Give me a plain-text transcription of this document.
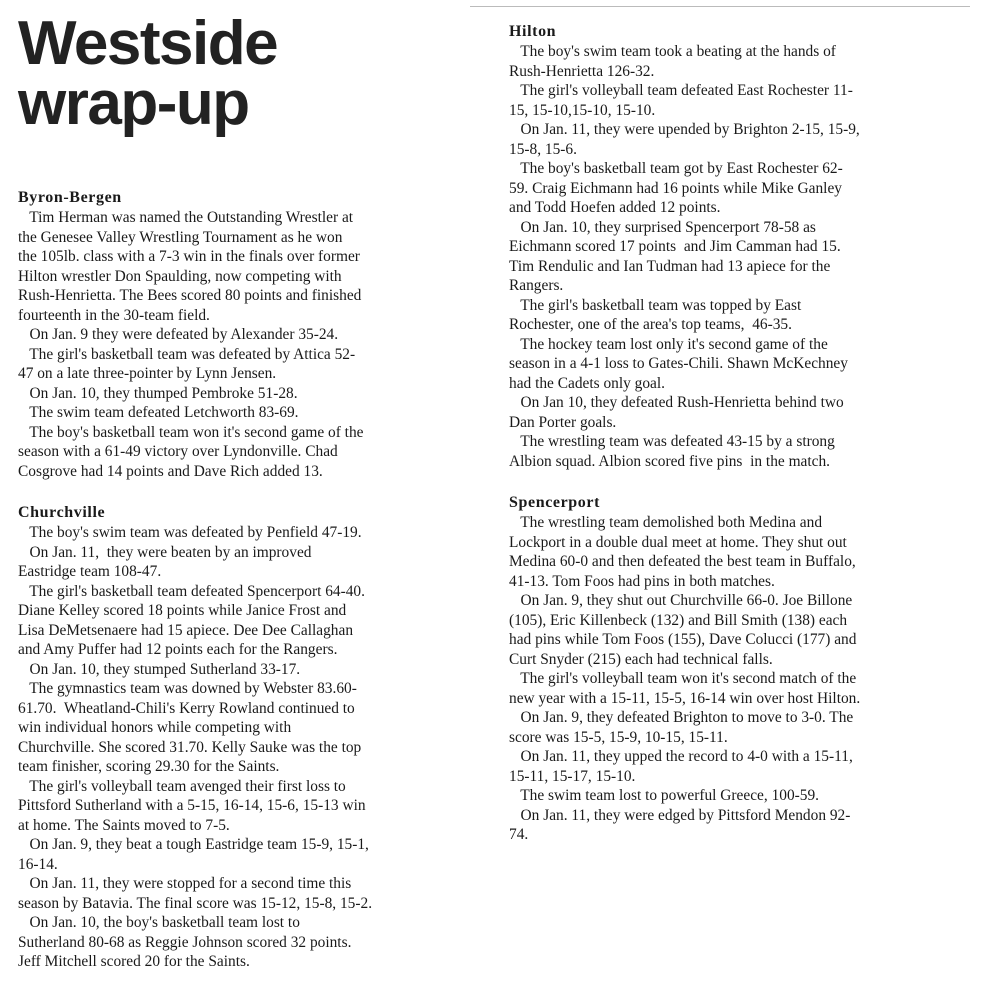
Westside
wrap-up
Byron-Bergen
Tim Herman was named the Outstanding Wrestler at
the Genesee Valley Wrestling Tournament as he won
the 105lb. class with a 7-3 win in the finals over former
Hilton wrestler Don Spaulding, now competing with
Rush-Henrietta. The Bees scored 80 points and finished
fourteenth in the 30-team field.
On Jan. 9 they were defeated by Alexander 35-24.
The girl's basketball team was defeated by Attica 52-
47 on a late three-pointer by Lynn Jensen.
On Jan. 10, they thumped Pembroke 51-28.
The swim team defeated Letchworth 83-69.
The boy's basketball team won it's second game of the
season with a 61-49 victory over Lyndonville. Chad
Cosgrove had 14 points and Dave Rich added 13.
Churchville
The boy's swim team was defeated by Penfield 47-19.
On Jan. 11,  they were beaten by an improved
Eastridge team 108-47.
The girl's basketball team defeated Spencerport 64-40.
Diane Kelley scored 18 points while Janice Frost and
Lisa DeMetsenaere had 15 apiece. Dee Dee Callaghan
and Amy Puffer had 12 points each for the Rangers.
On Jan. 10, they stumped Sutherland 33-17.
The gymnastics team was downed by Webster 83.60-
61.70.  Wheatland-Chili's Kerry Rowland continued to
win individual honors while competing with
Churchville. She scored 31.70. Kelly Sauke was the top
team finisher, scoring 29.30 for the Saints.
The girl's volleyball team avenged their first loss to
Pittsford Sutherland with a 5-15, 16-14, 15-6, 15-13 win
at home. The Saints moved to 7-5.
On Jan. 9, they beat a tough Eastridge team 15-9, 15-1,
16-14.
On Jan. 11, they were stopped for a second time this
season by Batavia. The final score was 15-12, 15-8, 15-2.
On Jan. 10, the boy's basketball team lost to
Sutherland 80-68 as Reggie Johnson scored 32 points.
Jeff Mitchell scored 20 for the Saints.
Hilton
The boy's swim team took a beating at the hands of
Rush-Henrietta 126-32.
The girl's volleyball team defeated East Rochester 11-
15, 15-10,15-10, 15-10.
On Jan. 11, they were upended by Brighton 2-15, 15-9,
15-8, 15-6.
The boy's basketball team got by East Rochester 62-
59. Craig Eichmann had 16 points while Mike Ganley
and Todd Hoefen added 12 points.
On Jan. 10, they surprised Spencerport 78-58 as
Eichmann scored 17 points  and Jim Camman had 15.
Tim Rendulic and Ian Tudman had 13 apiece for the
Rangers.
The girl's basketball team was topped by East
Rochester, one of the area's top teams,  46-35.
The hockey team lost only it's second game of the
season in a 4-1 loss to Gates-Chili. Shawn McKechney
had the Cadets only goal.
On Jan 10, they defeated Rush-Henrietta behind two
Dan Porter goals.
The wrestling team was defeated 43-15 by a strong
Albion squad. Albion scored five pins  in the match.
Spencerport
The wrestling team demolished both Medina and
Lockport in a double dual meet at home. They shut out
Medina 60-0 and then defeated the best team in Buffalo,
41-13. Tom Foos had pins in both matches.
On Jan. 9, they shut out Churchville 66-0. Joe Billone
(105), Eric Killenbeck (132) and Bill Smith (138) each
had pins while Tom Foos (155), Dave Colucci (177) and
Curt Snyder (215) each had technical falls.
The girl's volleyball team won it's second match of the
new year with a 15-11, 15-5, 16-14 win over host Hilton.
On Jan. 9, they defeated Brighton to move to 3-0. The
score was 15-5, 15-9, 10-15, 15-11.
On Jan. 11, they upped the record to 4-0 with a 15-11,
15-11, 15-17, 15-10.
The swim team lost to powerful Greece, 100-59.
On Jan. 11, they were edged by Pittsford Mendon 92-
74.
